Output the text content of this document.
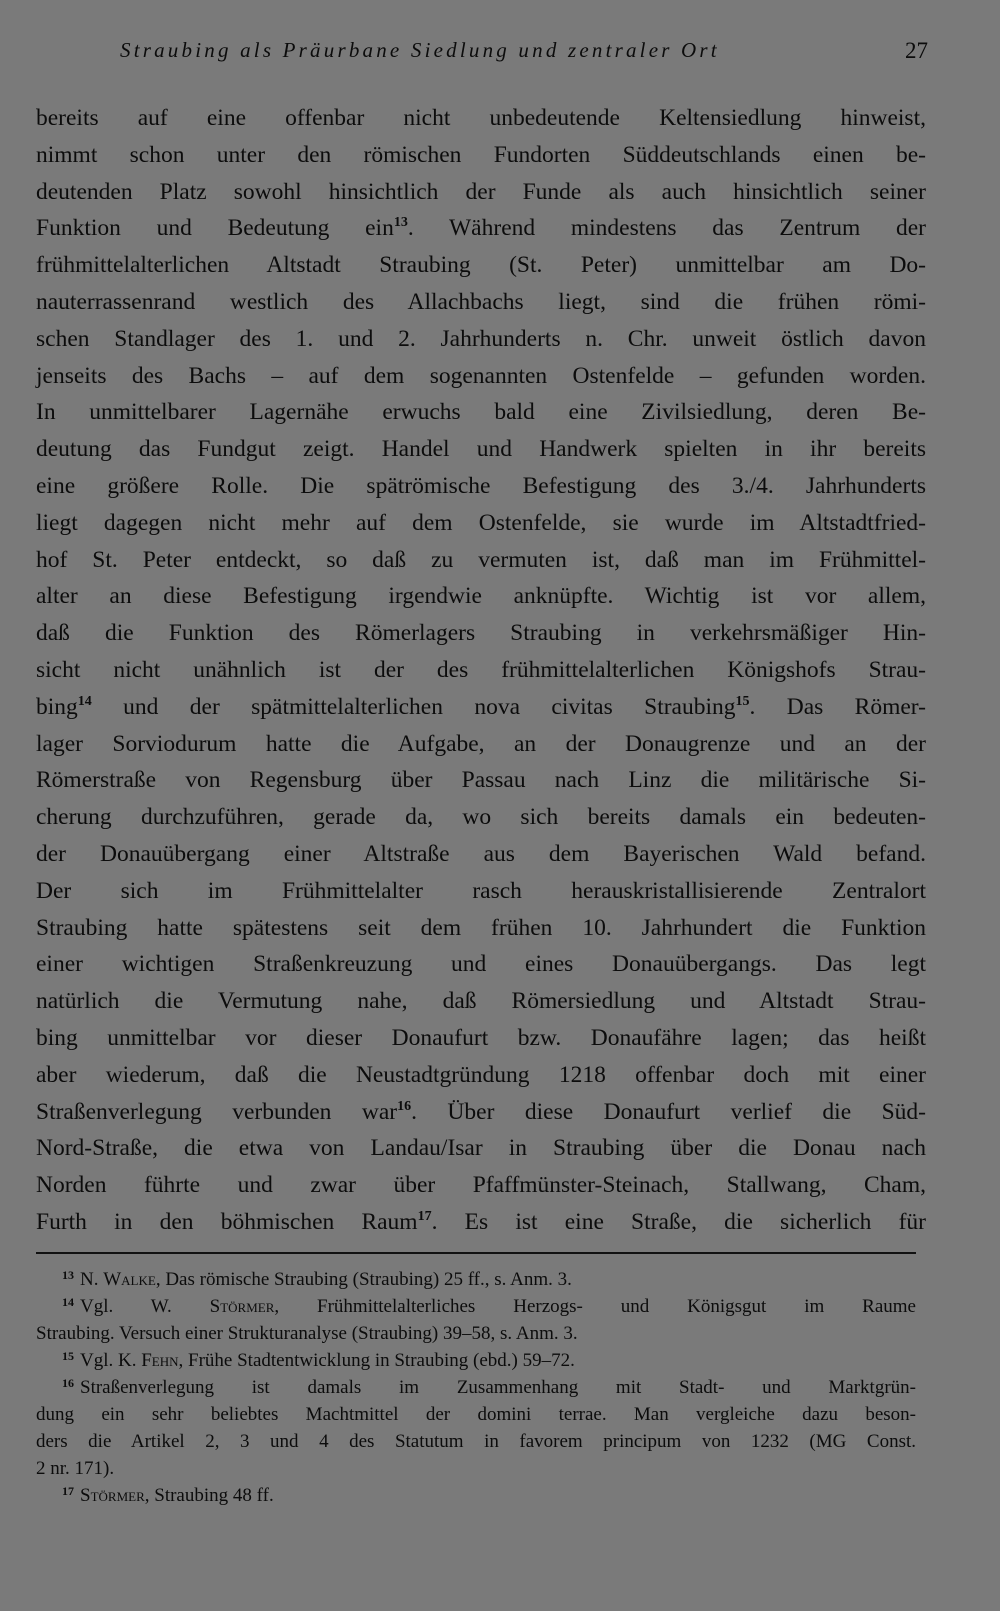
Straubing als Präurbane Siedlung und zentraler Ort	27
bereits auf eine offenbar nicht unbedeutende Keltensiedlung hinweist,
nimmt schon unter den römischen Fundorten Süddeutschlands einen be-
deutenden Platz sowohl hinsichtlich der Funde als auch hinsichtlich seiner
Funktion und Bedeutung ein$^{13}$. Während mindestens das Zentrum der
frühmittelalterlichen Altstadt Straubing (St. Peter) unmittelbar am Do-
nauterrassenrand westlich des Allachbachs liegt, sind die frühen römi-
schen Standlager des 1. und 2. Jahrhunderts n. Chr. unweit östlich davon
jenseits des Bachs – auf dem sogenannten Ostenfelde – gefunden worden.
In unmittelbarer Lagernähe erwuchs bald eine Zivilsiedlung, deren Be-
deutung das Fundgut zeigt. Handel und Handwerk spielten in ihr bereits
eine größere Rolle. Die spätrömische Befestigung des 3./4. Jahrhunderts
liegt dagegen nicht mehr auf dem Ostenfelde, sie wurde im Altstadtfried-
hof St. Peter entdeckt, so daß zu vermuten ist, daß man im Frühmittel-
alter an diese Befestigung irgendwie anknüpfte. Wichtig ist vor allem,
daß die Funktion des Römerlagers Straubing in verkehrsmäßiger Hin-
sicht nicht unähnlich ist der des frühmittelalterlichen Königshofs Strau-
bing$^{14}$ und der spätmittelalterlichen nova civitas Straubing$^{15}$. Das Römer-
lager Sorviodurum hatte die Aufgabe, an der Donaugrenze und an der
Römerstraße von Regensburg über Passau nach Linz die militärische Si-
cherung durchzuführen, gerade da, wo sich bereits damals ein bedeuten-
der Donauübergang einer Altstraße aus dem Bayerischen Wald befand.
Der sich im Frühmittelalter rasch herauskristallisierende Zentralort
Straubing hatte spätestens seit dem frühen 10. Jahrhundert die Funktion
einer wichtigen Straßenkreuzung und eines Donauübergangs. Das legt
natürlich die Vermutung nahe, daß Römersiedlung und Altstadt Strau-
bing unmittelbar vor dieser Donaufurt bzw. Donaufähre lagen; das heißt
aber wiederum, daß die Neustadtgründung 1218 offenbar doch mit einer
Straßenverlegung verbunden war$^{16}$. Über diese Donaufurt verlief die Süd-
Nord-Straße, die etwa von Landau/Isar in Straubing über die Donau nach
Norden führte und zwar über Pfaffmünster-Steinach, Stallwang, Cham,
Furth in den böhmischen Raum$^{17}$. Es ist eine Straße, die sicherlich für
$^{13}$ N. Walke, Das römische Straubing (Straubing) 25 ff., s. Anm. 3.
$^{14}$ Vgl. W. Störmer, Frühmittelalterliches Herzogs- und Königsgut im Raume
Straubing. Versuch einer Strukturanalyse (Straubing) 39–58, s. Anm. 3.
$^{15}$ Vgl. K. Fehn, Frühe Stadtentwicklung in Straubing (ebd.) 59–72.
$^{16}$ Straßenverlegung ist damals im Zusammenhang mit Stadt- und Marktgrün-
dung ein sehr beliebtes Machtmittel der domini terrae. Man vergleiche dazu beson-
ders die Artikel 2, 3 und 4 des Statutum in favorem principum von 1232 (MG Const.
2 nr. 171).
$^{17}$ Störmer, Straubing 48 ff.
